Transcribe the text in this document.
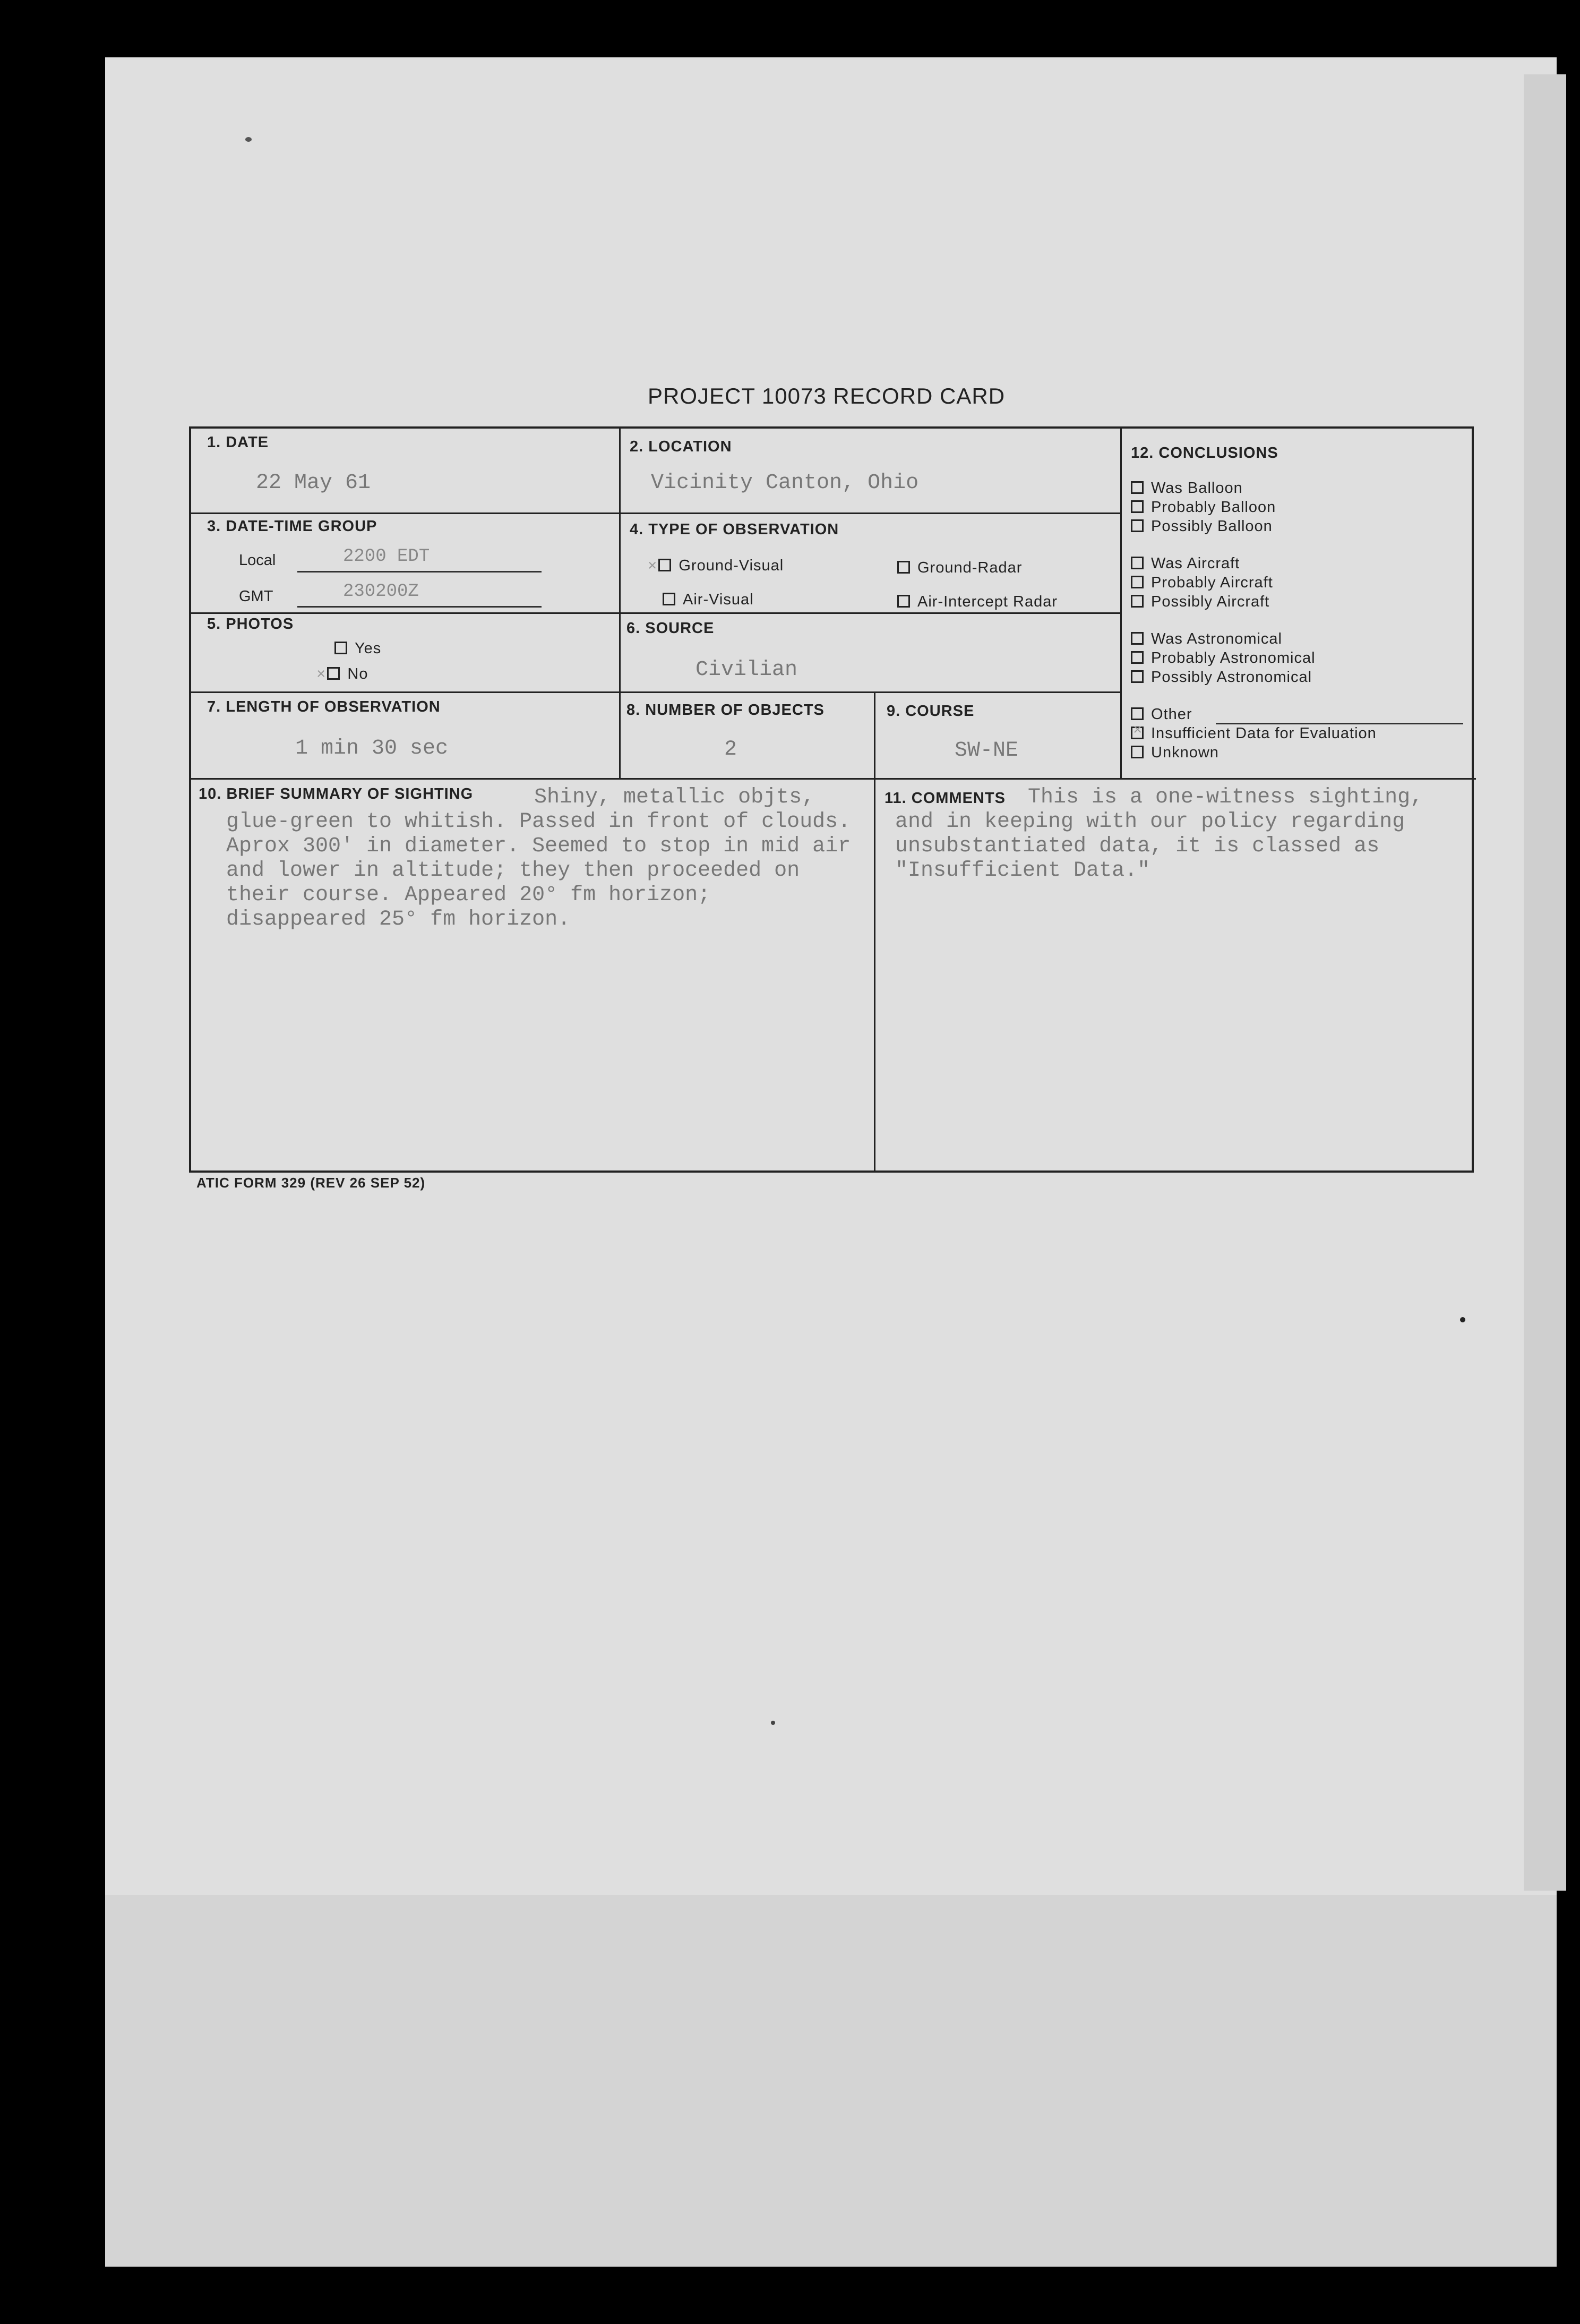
PROJECT 10073 RECORD CARD
1. DATE
22 May 61
2. LOCATION
Vicinity Canton, Ohio
3. DATE-TIME GROUP
Local	2200 EDT
GMT	230200Z
4. TYPE OF OBSERVATION
× Ground-Visual	Ground-Radar
Air-Visual	Air-Intercept Radar
5. PHOTOS
Yes
× No
6. SOURCE
Civilian
7. LENGTH OF OBSERVATION
1 min 30 sec
8. NUMBER OF OBJECTS
2
9. COURSE
SW-NE
12. CONCLUSIONS
Was Balloon
Probably Balloon
Possibly Balloon
Was Aircraft
Probably Aircraft
Possibly Aircraft
Was Astronomical
Probably Astronomical
Possibly Astronomical
Other
Insufficient Data for Evaluation
×
Unknown
10. BRIEF SUMMARY OF SIGHTING	Shiny, metallic objts, glue-green to whitish. Passed in front of clouds. Aprox 300' in diameter. Seemed to stop in mid air and lower in altitude; they then proceeded on their course. Appeared 20° fm horizon; disappeared 25° fm horizon.
11. COMMENTS	This is a one-witness sighting, and in keeping with our policy regarding unsubstantiated data, it is classed as "Insufficient Data."
ATIC FORM 329 (REV 26 SEP 52)
